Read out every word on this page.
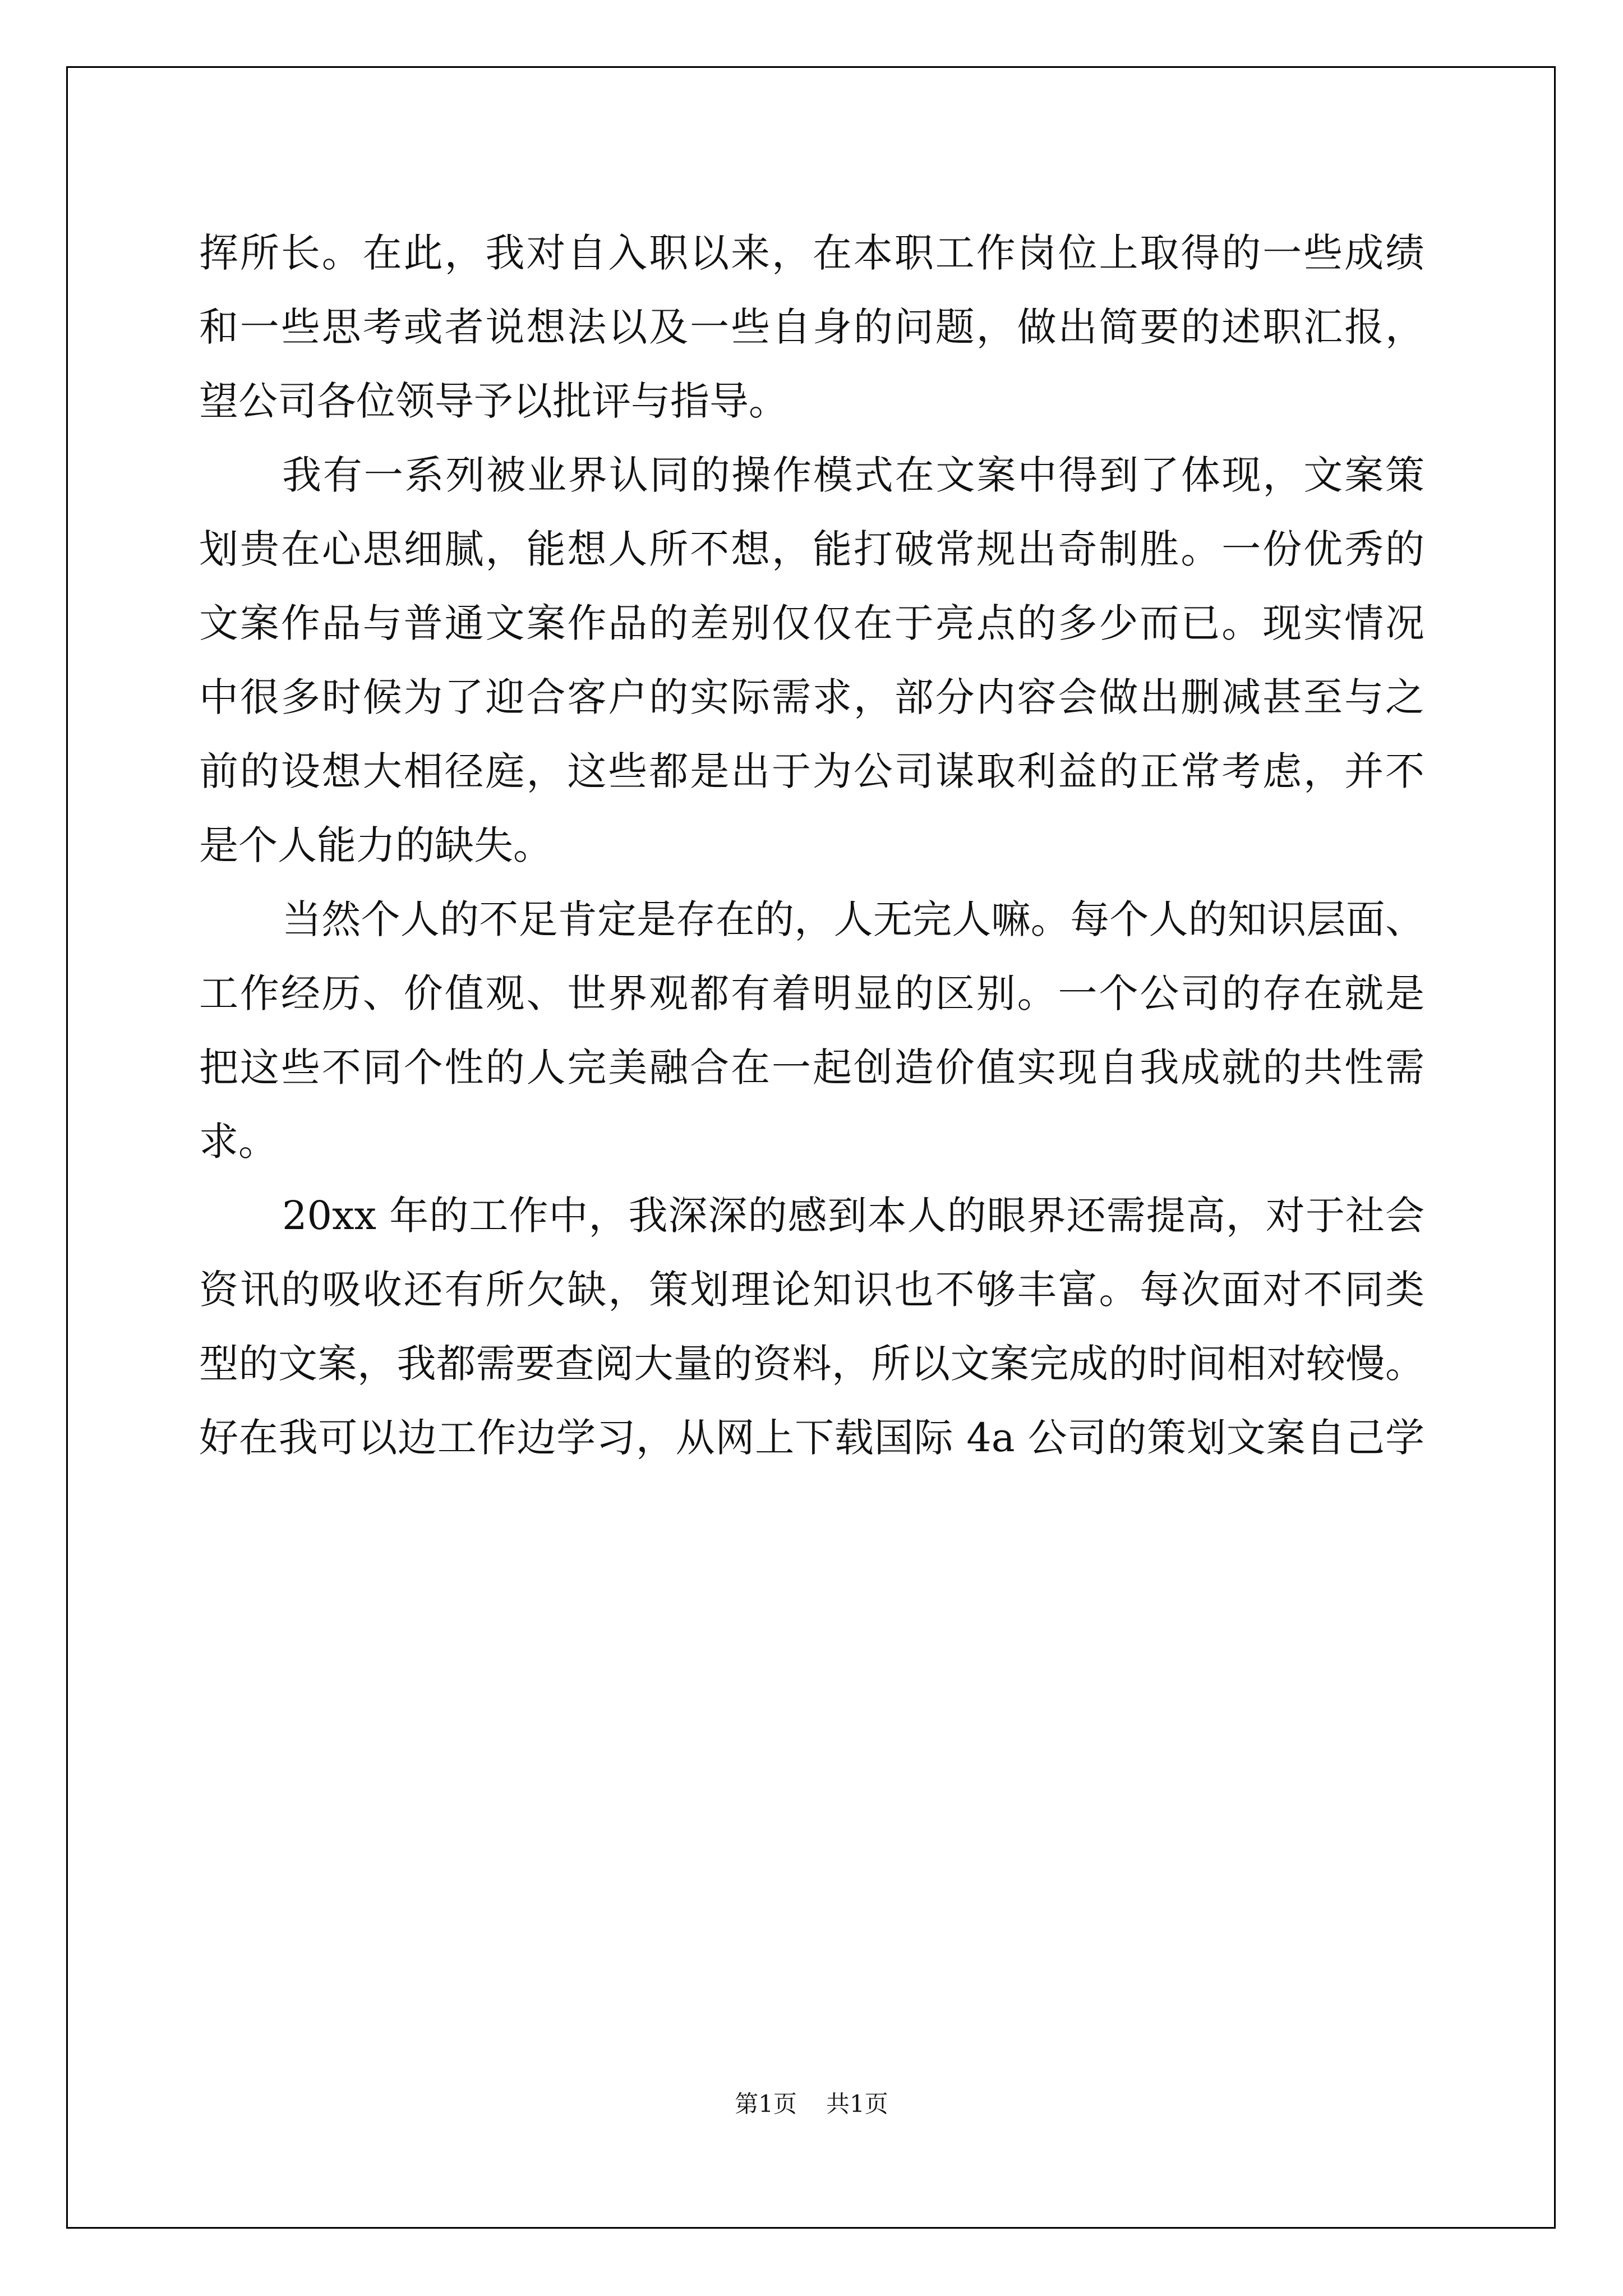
挥所长。在此，我对自入职以来，在本职工作岗位上取得的一些成绩
和一些思考或者说想法以及一些自身的问题，做出简要的述职汇报，
望公司各位领导予以批评与指导。
我有一系列被业界认同的操作模式在文案中得到了体现，文案策
划贵在心思细腻，能想人所不想，能打破常规出奇制胜。一份优秀的
文案作品与普通文案作品的差别仅仅在于亮点的多少而已。现实情况
中很多时候为了迎合客户的实际需求，部分内容会做出删减甚至与之
前的设想大相径庭，这些都是出于为公司谋取利益的正常考虑，并不
是个人能力的缺失。
当然个人的不足肯定是存在的，人无完人嘛。每个人的知识层面、
工作经历、价值观、世界观都有着明显的区别。一个公司的存在就是
把这些不同个性的人完美融合在一起创造价值实现自我成就的共性需
求。
20xx 年的工作中，我深深的感到本人的眼界还需提高，对于社会
资讯的吸收还有所欠缺，策划理论知识也不够丰富。每次面对不同类
型的文案，我都需要查阅大量的资料，所以文案完成的时间相对较慢。
好在我可以边工作边学习，从网上下载国际 4a 公司的策划文案自己学
第1页 共1页
